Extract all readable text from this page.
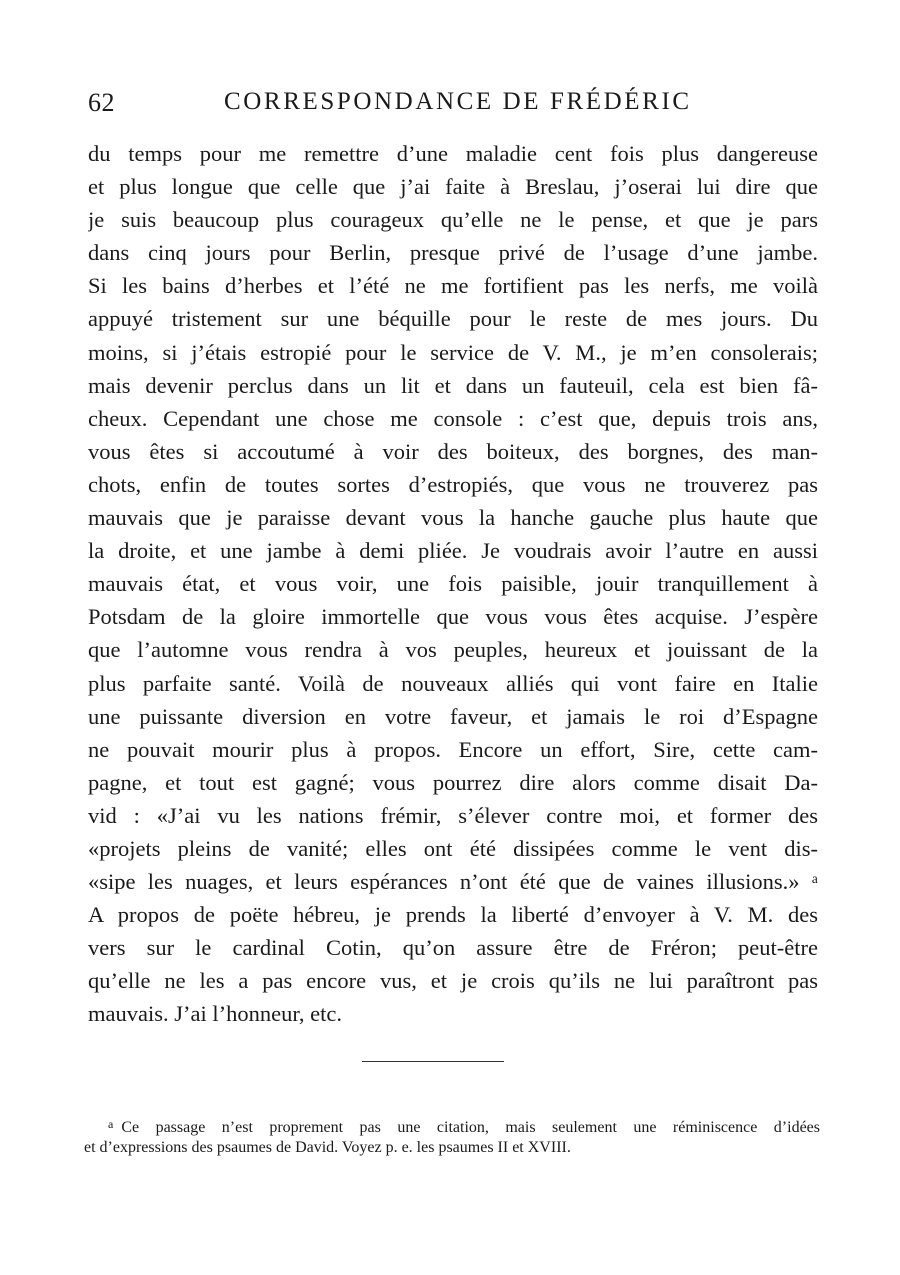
62	CORRESPONDANCE DE FRÉDÉRIC
du temps pour me remettre d’une maladie cent fois plus dangereuse
et plus longue que celle que j’ai faite à Breslau, j’oserai lui dire que
je suis beaucoup plus courageux qu’elle ne le pense, et que je pars
dans cinq jours pour Berlin, presque privé de l’usage d’une jambe.
Si les bains d’herbes et l’été ne me fortifient pas les nerfs, me voilà
appuyé tristement sur une béquille pour le reste de mes jours. Du
moins, si j’étais estropié pour le service de V. M., je m’en consolerais;
mais devenir perclus dans un lit et dans un fauteuil, cela est bien fâ-
cheux. Cependant une chose me console : c’est que, depuis trois ans,
vous êtes si accoutumé à voir des boiteux, des borgnes, des man-
chots, enfin de toutes sortes d’estropiés, que vous ne trouverez pas
mauvais que je paraisse devant vous la hanche gauche plus haute que
la droite, et une jambe à demi pliée. Je voudrais avoir l’autre en aussi
mauvais état, et vous voir, une fois paisible, jouir tranquillement à
Potsdam de la gloire immortelle que vous vous êtes acquise. J’espère
que l’automne vous rendra à vos peuples, heureux et jouissant de la
plus parfaite santé. Voilà de nouveaux alliés qui vont faire en Italie
une puissante diversion en votre faveur, et jamais le roi d’Espagne
ne pouvait mourir plus à propos. Encore un effort, Sire, cette cam-
pagne, et tout est gagné; vous pourrez dire alors comme disait Da-
vid : «J’ai vu les nations frémir, s’élever contre moi, et former des
«projets pleins de vanité; elles ont été dissipées comme le vent dis-
«sipe les nuages, et leurs espérances n’ont été que de vaines illusions.» ᵃ
A propos de poëte hébreu, je prends la liberté d’envoyer à V. M. des
vers sur le cardinal Cotin, qu’on assure être de Fréron; peut-être
qu’elle ne les a pas encore vus, et je crois qu’ils ne lui paraîtront pas
mauvais. J’ai l’honneur, etc.
$^a$ Ce passage n’est proprement pas une citation, mais seulement une réminiscence d’idées
et d’expressions des psaumes de David. Voyez p. e. les psaumes II et XVIII.
